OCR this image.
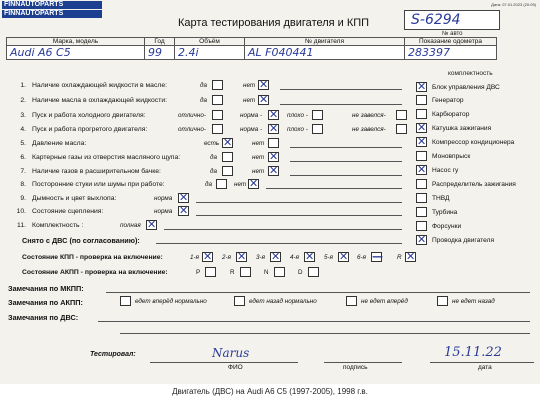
FINNAUTOPARTS
FINNAUTOPARTS
Дата: 07.01.2023 (20:09)
Карта тестирования двигателя и КПП	S-6294
№ авто
Марка, модель	Год	Объём	№ двигателя	Показание одометра
Audi A6 C5	99	2.4i	AL F040441	283397
комплектность
1. Наличие охлаждающей жидкости в масле:	да	нет ✕
2. Наличие масла в охлаждающей жидкости:	да	нет ✕
3. Пуск и работа холодного двигателя:	отлично-	норма - ✕ плохо -	не завелся-
4. Пуск и работа прогретого двигателя:	отлично-	норма - ✕ плохо -	не завелся-
5. Давление масла:	есть ✕	нет
6. Картерные газы из отверстия масляного щупа:	да	нет ✕
7. Наличие газов в расширительном бачке:	да	нет ✕
8. Посторонние стуки или шумы при работе:	да	нет ✕
9. Дымность и цвет выхлопа:	норма ✕
10. Состояние сцепления:	норма ✕
11. Комплектность :	полная ✕
Снято с ДВС (по согласованию):
✕ Блок управления ДВС
Генератор
Карбюратор
✕ Катушка зажигания
✕ Компрессор кондиционера
Моновпрыск
✕ Насос гу
Распределитель зажигания
ТНВД
Турбина
Форсунки
✕ Проводка двигателя
Состояние КПП - проверка на включение:	1-я ✕ 2-я ✕ 3-я ✕ 4-я ✕ 5-я ✕ 6-я — R ✕
Состояние АКПП - проверка на включение:	P	R	N	D
Замечания по МКПП:
Замечания по АКПП:	едет вперёд нормально	едет назад нормально	не едет вперёд	не едет назад
Замечания по ДВС:
Тестировал:	Narus	15.11.22
ФИО	подпись	дата
Двигатель (ДВС) на Audi A6 C5 (1997-2005), 1998 г.в.
